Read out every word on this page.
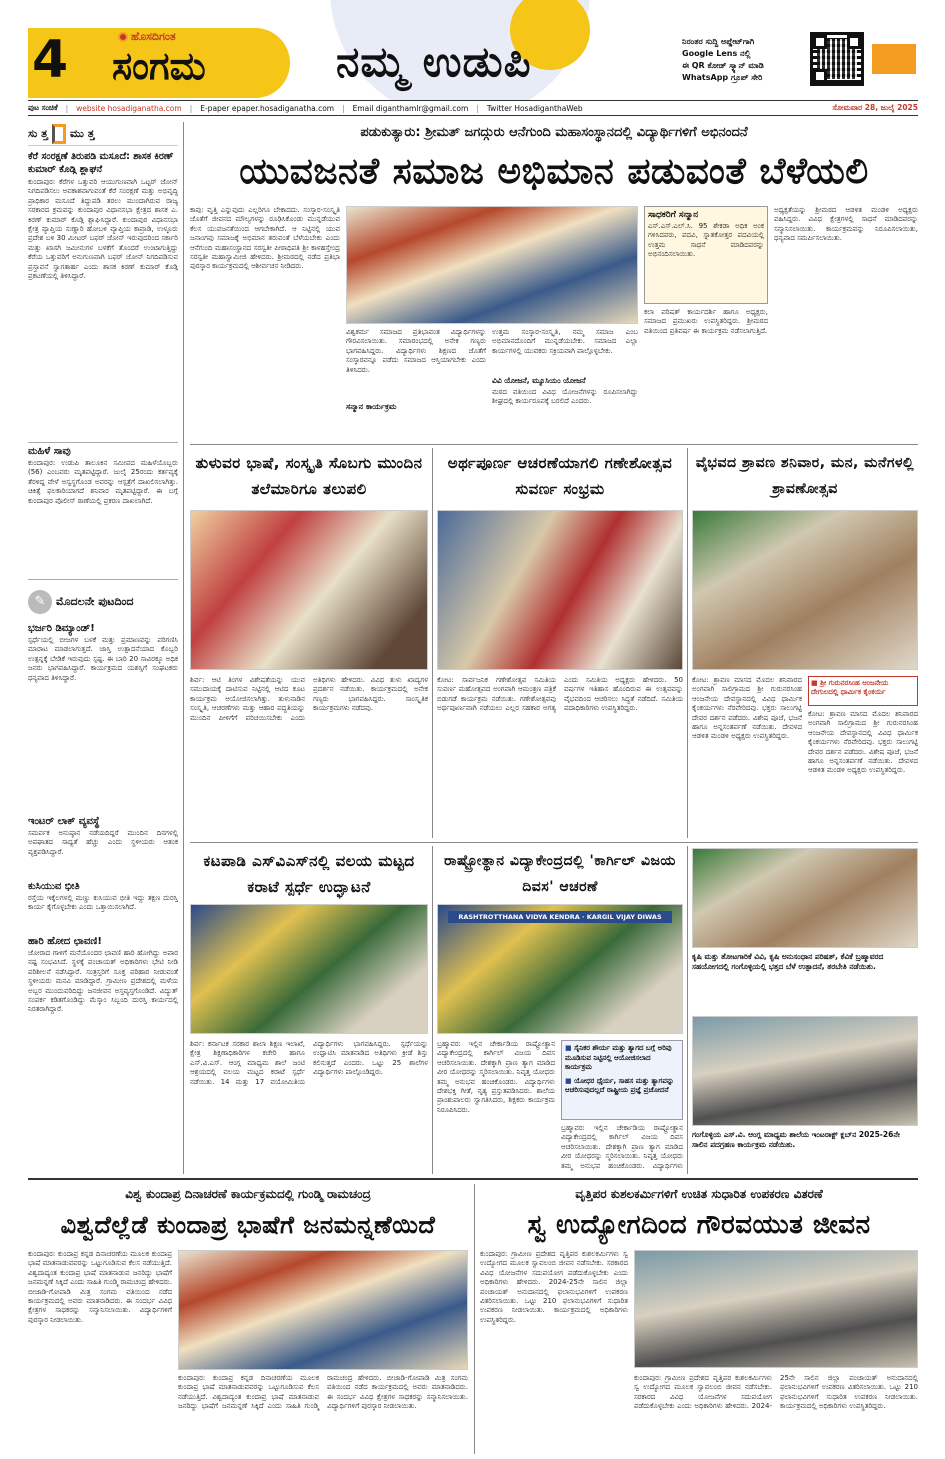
4	ಹೊಸದಿಗಂತ
ಸಂಗಮ	ನಮ್ಮ ಉಡುಪಿ	ನಿರಂತರ ಸುದ್ದಿ ಅಪ್ಡೇಟ್‌ಗಾಗಿ
Google Lens ನಲ್ಲಿ
ಈ QR ಕೋಡ್ ಸ್ಕ್ಯಾನ್ ಮಾಡಿ
WhatsApp ಗ್ರೂಪ್ ಸೇರಿ
ಪುಟ ಸಂಚಿಕೆ | website hosadiganatha.com | E-paper epaper.hosadiganatha.com | Email diganthamlr@gmail.com | Twitter HosadiganthaWeb	ಸೋಮವಾರ 28, ಜುಲೈ 2025
ಸು ತ್ತ ಮು ತ್ತ
ಕೆರೆ ಸಂರಕ್ಷಣೆ ತಿರುಪಡಿ ಮಸೂದೆ: ಶಾಸಕ ಕಿರಣ್ ಕುಮಾರ್ ಕೊಡ್ಗಿ ಶ್ಲಾಘನೆ
ಕುಂದಾಪುರ: ಕೆರೆಗಳ ಒತ್ತುವರಿ ಆಯುಗುಣವಾಗಿ ಒಟ್ಟರ್ ಜೋನ್ ನಿಗದಿಪಡಿಸಲು ಅವಕಾಶವಾಗುವಂತೆ ಕೆರೆ ಸಂರಕ್ಷಣೆ ಮತ್ತು ಅಭಿವೃದ್ಧಿ ಪ್ರಾಧಿಕಾರ ಮಸೂದೆ ತಿದ್ದುಪಡಿ ತರಲು ಮುಂದಾಗಿರುವ ರಾಜ್ಯ ಸರಕಾರದ ಕ್ರಮವನ್ನು ಕುಂದಾಪುರ ವಿಧಾನಸಭಾ ಕ್ಷೇತ್ರದ ಶಾಸಕ ಎ. ಕಿರಣ್ ಕುಮಾರ್ ಕೊಡ್ಗಿ ಶ್ಲಾಘಿಸಿದ್ದಾರೆ. ಕುಂದಾಪುರ ವಿಧಾನಸಭಾ ಕ್ಷೇತ್ರ ವ್ಯಾಪ್ತಿಯ ಸುಣ್ಣಾರಿ ಹೋಬಳಿ ವ್ಯಾಪ್ತಿಯ ಕಾವ್ರಾಡಿ, ಉಳ್ಳೂರು ಪ್ರದೇಶ ಬಳಿ 30 ಮೀಟರ್ ಬಫರ್ ಜೋನ್ ಇರುವುದರಿಂದ ಸರ್ಕಾರಿ ಮತ್ತು ಖಾಸಗಿ ಜಮೀನುಗಳ ಬಳಕೆಗೆ ತೊಂದರೆ ಉಂಟಾಗುತ್ತಿದ್ದು ಕೆರೆಯ ಒತ್ತುವರಿಗೆ ಅನುಗುಣವಾಗಿ ಬಫರ್ ಜೋನ್ ನಿಗದಿಪಡಿಸುವ ಪ್ರಸ್ತಾವನೆ ಸ್ವಾಗತಾರ್ಹ ಎಂದು ಶಾಸಕ ಕಿರಣ್ ಕುಮಾರ್ ಕೊಡ್ಗಿ ಪ್ರಕಟಣೆಯಲ್ಲಿ ತಿಳಿಸಿದ್ದಾರೆ.
ಮಹಿಳೆ ಸಾವು
ಕುಂದಾಪುರ: ಉಡುಪಿ ತಾಲೂಕಿನ ಸಮೀಪದ ಮಹಿಳೆಯೊಬ್ಬರು (56) ಎಂಬವರು ಮೃತಪಟ್ಟಿದ್ದಾರೆ. ಜುಲೈ 25ರಂದು ಕರ್ತವ್ಯಕ್ಕೆ ತೆರಳಿದ್ದ ವೇಳೆ ಅಸ್ವಸ್ಥಗೊಂಡ ಅವರನ್ನು ಆಸ್ಪತ್ರೆಗೆ ದಾಖಲಿಸಲಾಗಿತ್ತು. ಚಿಕಿತ್ಸೆ ಫಲಕಾರಿಯಾಗದೆ ಶನಿವಾರ ಮೃತಪಟ್ಟಿದ್ದಾರೆ. ಈ ಬಗ್ಗೆ ಕುಂದಾಪುರ ಪೊಲೀಸ್ ಠಾಣೆಯಲ್ಲಿ ಪ್ರಕರಣ ದಾಖಲಾಗಿದೆ.
✎ ಮೊದಲನೇ ಪುಟದಿಂದ
ಭರ್ಜರಿ ಡಿಮ್ಯಾಂಡ್!
ಸ್ಪರ್ಧೆಯಲ್ಲಿ ಬೀಜಗಳ ಬಳಕೆ ಮತ್ತು ಪ್ರಮಾಣವನ್ನು ಪರಿಗಣಿಸಿ ಮಾರಾಟ ಮಾಡಲಾಗುತ್ತದೆ. ಜಾಸ್ತಿ ಉತ್ಪಾದನೆಯಾದ ಕೊಬ್ಬರಿ ಉತ್ಪನ್ನಕ್ಕೆ ಬೇಡಿಕೆ ಇರುವುದು ಸ್ಪಷ್ಟ. ಈ ಬಾರಿ 20 ಸಾವಿರಕ್ಕೂ ಅಧಿಕ ಜನರು ಭಾಗವಹಿಸಿದ್ದಾರೆ. ಕಾರ್ಯಕ್ರಮದ ಯಶಸ್ಸಿಗೆ ಸಂಘಟಕರು ಧನ್ಯವಾದ ತಿಳಿಸಿದ್ದಾರೆ.
ಇಂಟರ್ ಲಾಕ್ ವ್ಯವಸ್ಥೆ
ಸಮರ್ಪಕ ಅನುಷ್ಠಾನ ನಡೆಯದಿದ್ದರೆ ಮುಂದಿನ ದಿನಗಳಲ್ಲಿ ಅಪಘಾತದ ಸಾಧ್ಯತೆ ಹೆಚ್ಚು ಎಂದು ಸ್ಥಳೀಯರು ಆತಂಕ ವ್ಯಕ್ತಪಡಿಸಿದ್ದಾರೆ.
ಕುಸಿಯುವ ಭೀತಿ
ರಸ್ತೆಯ ಇಕ್ಕೆಲಗಳಲ್ಲಿ ಮಣ್ಣು ಕುಸಿಯುವ ಭೀತಿ ಇದ್ದು ತಕ್ಷಣ ದುರಸ್ತಿ ಕಾರ್ಯ ಕೈಗೊಳ್ಳಬೇಕು ಎಂದು ಒತ್ತಾಯಿಸಲಾಗಿದೆ.
ಹಾರಿ ಹೋದ ಛಾವಣಿ!
ಜೋರಾದ ಗಾಳಿಗೆ ಮನೆಯೊಂದರ ಛಾವಣಿ ಹಾರಿ ಹೋಗಿದ್ದು ಅಪಾರ ನಷ್ಟ ಸಂಭವಿಸಿದೆ. ಸ್ಥಳಕ್ಕೆ ಪಂಚಾಯತ್ ಅಧಿಕಾರಿಗಳು ಭೇಟಿ ನೀಡಿ ಪರಿಶೀಲನೆ ನಡೆಸಿದ್ದಾರೆ. ಸಂತ್ರಸ್ತರಿಗೆ ಸೂಕ್ತ ಪರಿಹಾರ ನೀಡುವಂತೆ ಸ್ಥಳೀಯರು ಮನವಿ ಮಾಡಿದ್ದಾರೆ. ಗ್ರಾಮೀಣ ಪ್ರದೇಶದಲ್ಲಿ ಮಳೆಯ ಅಬ್ಬರ ಮುಂದುವರಿದಿದ್ದು ಜನಜೀವನ ಅಸ್ತವ್ಯಸ್ತಗೊಂಡಿದೆ. ವಿದ್ಯುತ್ ಸಂಪರ್ಕ ಕಡಿತಗೊಂಡಿದ್ದು ಮೆಸ್ಕಾಂ ಸಿಬ್ಬಂದಿ ದುರಸ್ತಿ ಕಾರ್ಯದಲ್ಲಿ ನಿರತರಾಗಿದ್ದಾರೆ.
ಪಡುಕುತ್ಯಾರು: ಶ್ರೀಮತ್ ಜಗದ್ಗುರು ಆನೆಗುಂದಿ ಮಹಾಸಂಸ್ಥಾನದಲ್ಲಿ ವಿದ್ಯಾರ್ಥಿಗಳಿಗೆ ಅಭಿನಂದನೆ
ಯುವಜನತೆ ಸಮಾಜ ಅಭಿಮಾನ ಪಡುವಂತೆ ಬೆಳೆಯಲಿ
ಕಾಪು: ವೃತ್ತಿ ಎನ್ನುವುದು ಎಲ್ಲರಿಗೂ ಬೇಕಾದದು. ಸಂಸ್ಕಾರ-ಸಂಸ್ಕೃತಿ ಜೊತೆಗೆ ಜೀವನದ ಮೌಲ್ಯಗಳನ್ನು ರೂಢಿಸಿಕೊಂಡು ಮುನ್ನಡೆಯುವ ಕೆಲಸ ಯುವಜನತೆಯಿಂದ ಆಗಬೇಕಾಗಿದೆ. ಆ ನಿಟ್ಟಿನಲ್ಲಿ ಯುವ ಜನಾಂಗವು ಸಮಾಜಕ್ಕೆ ಅಭಿಮಾನ ತರುವಂತೆ ಬೆಳೆಯಬೇಕು ಎಂದು ಆನೆಗುಂದಿ ಮಹಾಸಂಸ್ಥಾನದ ಸರಸ್ವತೀ ಪೀಠಾಧಿಪತಿ ಶ್ರೀ ಕಾಳಹಸ್ತೇಂದ್ರ ಸರಸ್ವತೀ ಮಹಾಸ್ವಾಮೀಜಿ ಹೇಳಿದರು. ಶ್ರೀಮಠದಲ್ಲಿ ನಡೆದ ಪ್ರತಿಭಾ ಪುರಸ್ಕಾರ ಕಾರ್ಯಕ್ರಮದಲ್ಲಿ ಆಶೀರ್ವಚನ ನೀಡಿದರು.
ವಿಶ್ವಕರ್ಮ ಸಮಾಜದ ಪ್ರತಿಭಾವಂತ ವಿದ್ಯಾರ್ಥಿಗಳನ್ನು ಗೌರವಿಸಲಾಯಿತು. ಸಮಾರಂಭದಲ್ಲಿ ಅನೇಕ ಗಣ್ಯರು ಭಾಗವಹಿಸಿದ್ದರು. ವಿದ್ಯಾರ್ಥಿಗಳು ಶಿಕ್ಷಣದ ಜೊತೆಗೆ ಸಂಸ್ಕಾರವನ್ನೂ ಪಡೆದು ಸಮಾಜದ ಆಸ್ತಿಯಾಗಬೇಕು ಎಂದು ತಿಳಿಸಿದರು.
ಸನ್ಮಾನ ಕಾರ್ಯಕ್ರಮ
ಉತ್ತಮ ಸಂಸ್ಕಾರ-ಸಂಸ್ಕೃತಿ, ನಮ್ಮ ಸಮಾಜ ಎಂಬ ಅಭಿಮಾನದೊಂದಿಗೆ ಮುನ್ನಡೆಯಬೇಕು. ಸಮಾಜದ ಎಲ್ಲಾ ಕಾರ್ಯಗಳಲ್ಲಿ ಯುವಕರು ಸಕ್ರಿಯವಾಗಿ ಪಾಲ್ಗೊಳ್ಳಬೇಕು.
ವಿವಿ ಯೋಜನೆ, ಮ್ಯೂಸಿಯಂ ಯೋಜನೆ
ಮಠದ ವತಿಯಿಂದ ವಿವಿಧ ಯೋಜನೆಗಳನ್ನು ರೂಪಿಸಲಾಗಿದ್ದು ಶೀಘ್ರದಲ್ಲಿ ಕಾರ್ಯರೂಪಕ್ಕೆ ಬರಲಿದೆ ಎಂದರು.
ಸಾಧಕರಿಗೆ ಸನ್ಮಾನ
ಎಸ್.ಎಸ್.ಎಲ್.ಸಿ. 95 ಶೇಕಡಾ ಅಧಿಕ ಅಂಕ ಗಳಿಸಿದವರು, ಪದವಿ, ಸ್ನಾತಕೋತ್ತರ ಪದವಿಯಲ್ಲಿ ಉತ್ತಮ ಸಾಧನೆ ಮಾಡಿದವರನ್ನು ಅಭಿನಂದಿಸಲಾಯಿತು.
ಕಲಾ ಪರಿಷತ್ ಕಾರ್ಯದರ್ಶಿ ಹಾಗೂ ಅಧ್ಯಕ್ಷರು, ಸಮಾಜದ ಪ್ರಮುಖರು ಉಪಸ್ಥಿತರಿದ್ದರು. ಶ್ರೀಮಠದ ವತಿಯಿಂದ ಪ್ರತಿವರ್ಷ ಈ ಕಾರ್ಯಕ್ರಮ ನಡೆಸಲಾಗುತ್ತಿದೆ.
ಅಧ್ಯಕ್ಷತೆಯನ್ನು ಶ್ರೀಮಠದ ಆಡಳಿತ ಮಂಡಳಿ ಅಧ್ಯಕ್ಷರು ವಹಿಸಿದ್ದರು. ವಿವಿಧ ಕ್ಷೇತ್ರಗಳಲ್ಲಿ ಸಾಧನೆ ಮಾಡಿದವರನ್ನು ಸನ್ಮಾನಿಸಲಾಯಿತು. ಕಾರ್ಯಕ್ರಮವನ್ನು ನಿರೂಪಿಸಲಾಯಿತು, ಧನ್ಯವಾದ ಸಮರ್ಪಿಸಲಾಯಿತು.
ತುಳುವರ ಭಾಷೆ, ಸಂಸ್ಕೃತಿ ಸೊಬಗು ಮುಂದಿನ ತಲೆಮಾರಿಗೂ ತಲುಪಲಿ
ಶಿರ್ವ: ಆಟಿ ತಿಂಗಳ ವಿಶೇಷತೆಯನ್ನು ಯುವ ಸಮುದಾಯಕ್ಕೆ ದಾಟಿಸುವ ನಿಟ್ಟಿನಲ್ಲಿ ಆಟಿದ ಕೂಟ ಕಾರ್ಯಕ್ರಮ ಆಯೋಜಿಸಲಾಗಿತ್ತು. ತುಳುನಾಡಿನ ಸಂಸ್ಕೃತಿ, ಆಚರಣೆಗಳು ಮತ್ತು ಆಹಾರ ಪದ್ಧತಿಯನ್ನು ಮುಂದಿನ ಪೀಳಿಗೆಗೆ ಪರಿಚಯಿಸಬೇಕು ಎಂದು ಅತಿಥಿಗಳು ಹೇಳಿದರು. ವಿವಿಧ ತುಳು ಖಾದ್ಯಗಳ ಪ್ರದರ್ಶನ ನಡೆಯಿತು. ಕಾರ್ಯಕ್ರಮದಲ್ಲಿ ಅನೇಕ ಗಣ್ಯರು ಭಾಗವಹಿಸಿದ್ದರು. ಸಾಂಸ್ಕೃತಿಕ ಕಾರ್ಯಕ್ರಮಗಳು ನಡೆದವು.
ಅರ್ಥಪೂರ್ಣ ಆಚರಣೆಯಾಗಲಿ ಗಣೇಶೋತ್ಸವ ಸುವರ್ಣ ಸಂಭ್ರಮ
ಕೋಟ: ಸಾರ್ವಜನಿಕ ಗಣೇಶೋತ್ಸವ ಸಮಿತಿಯ ಸುವರ್ಣ ಮಹೋತ್ಸವದ ಅಂಗವಾಗಿ ಆಮಂತ್ರಣ ಪತ್ರಿಕೆ ಬಿಡುಗಡೆ ಕಾರ್ಯಕ್ರಮ ನಡೆಯಿತು. ಗಣೇಶೋತ್ಸವವು ಅರ್ಥಪೂರ್ಣವಾಗಿ ನಡೆಯಲು ಎಲ್ಲರ ಸಹಕಾರ ಅಗತ್ಯ ಎಂದು ಸಮಿತಿಯ ಅಧ್ಯಕ್ಷರು ಹೇಳಿದರು. 50 ವರ್ಷಗಳ ಇತಿಹಾಸ ಹೊಂದಿರುವ ಈ ಉತ್ಸವವನ್ನು ವೈಭವದಿಂದ ಆಚರಿಸಲು ಸಿದ್ಧತೆ ನಡೆದಿದೆ. ಸಮಿತಿಯ ಪದಾಧಿಕಾರಿಗಳು ಉಪಸ್ಥಿತರಿದ್ದರು.
ವೈಭವದ ಶ್ರಾವಣ ಶನಿವಾರ, ಮನ, ಮನೆಗಳಲ್ಲಿ ಶ್ರಾವಣೋತ್ಸವ
ಕೋಟ: ಶ್ರಾವಣ ಮಾಸದ ಮೊದಲ ಶನಿವಾರದ ಅಂಗವಾಗಿ ಸಾಲಿಗ್ರಾಮದ ಶ್ರೀ ಗುರುನರಸಿಂಹ ಆಂಜನೇಯ ದೇವಸ್ಥಾನದಲ್ಲಿ ವಿವಿಧ ಧಾರ್ಮಿಕ ಕೈಂಕರ್ಯಗಳು ನೆರವೇರಿದವು. ಭಕ್ತರು ಸಾಲುಗಟ್ಟಿ ದೇವರ ದರ್ಶನ ಪಡೆದರು. ವಿಶೇಷ ಪೂಜೆ, ಭಜನೆ ಹಾಗೂ ಅನ್ನಸಂತರ್ಪಣೆ ನಡೆಯಿತು. ದೇವಳದ ಆಡಳಿತ ಮಂಡಳಿ ಅಧ್ಯಕ್ಷರು ಉಪಸ್ಥಿತರಿದ್ದರು.
■ ಶ್ರೀ ಗುರುನರಸಿಂಹ ಆಂಜನೇಯ ದೇಗುಲದಲ್ಲಿ ಧಾರ್ಮಿಕ ಕೈಂಕರ್ಯ
ಕೋಟ: ಶ್ರಾವಣ ಮಾಸದ ಮೊದಲ ಶನಿವಾರದ ಅಂಗವಾಗಿ ಸಾಲಿಗ್ರಾಮದ ಶ್ರೀ ಗುರುನರಸಿಂಹ ಆಂಜನೇಯ ದೇವಸ್ಥಾನದಲ್ಲಿ ವಿವಿಧ ಧಾರ್ಮಿಕ ಕೈಂಕರ್ಯಗಳು ನೆರವೇರಿದವು. ಭಕ್ತರು ಸಾಲುಗಟ್ಟಿ ದೇವರ ದರ್ಶನ ಪಡೆದರು. ವಿಶೇಷ ಪೂಜೆ, ಭಜನೆ ಹಾಗೂ ಅನ್ನಸಂತರ್ಪಣೆ ನಡೆಯಿತು. ದೇವಳದ ಆಡಳಿತ ಮಂಡಳಿ ಅಧ್ಯಕ್ಷರು ಉಪಸ್ಥಿತರಿದ್ದರು.
ಕಟಪಾಡಿ ಎಸ್‌ವಿಎಸ್‌ನಲ್ಲಿ ವಲಯ ಮಟ್ಟದ ಕರಾಟೆ ಸ್ಪರ್ಧೆ ಉದ್ಘಾಟನೆ
ಶಿರ್ವ: ಕರ್ನಾಟಕ ಸರಕಾರ ಶಾಲಾ ಶಿಕ್ಷಣ ಇಲಾಖೆ, ಕ್ಷೇತ್ರ ಶಿಕ್ಷಣಾಧಿಕಾರಿಗಳ ಕಚೇರಿ ಹಾಗೂ ಎಸ್.ವಿ.ಎಸ್. ಆಂಗ್ಲ ಮಾಧ್ಯಮ ಶಾಲೆ ಜಂಟಿ ಆಶ್ರಯದಲ್ಲಿ ವಲಯ ಮಟ್ಟದ ಕರಾಟೆ ಸ್ಪರ್ಧೆ ನಡೆಯಿತು. 14 ಮತ್ತು 17 ವಯೋಮಿತಿಯ ವಿದ್ಯಾರ್ಥಿಗಳು ಭಾಗವಹಿಸಿದ್ದರು. ಸ್ಪರ್ಧೆಯನ್ನು ಉದ್ಘಾಟಿಸಿ ಮಾತನಾಡಿದ ಅತಿಥಿಗಳು ಕ್ರೀಡೆ ಶಿಸ್ತು ಕಲಿಸುತ್ತದೆ ಎಂದರು. ಒಟ್ಟು 25 ಶಾಲೆಗಳ ವಿದ್ಯಾರ್ಥಿಗಳು ಪಾಲ್ಗೊಂಡಿದ್ದರು.
ರಾಷ್ಟ್ರೋತ್ಥಾನ ವಿದ್ಯಾಕೇಂದ್ರದಲ್ಲಿ 'ಕಾರ್ಗಿಲ್ ವಿಜಯ ದಿವಸ' ಆಚರಣೆ
RASHTROTTHANA VIDYA KENDRA · KARGIL VIJAY DIWAS
ಬ್ರಹ್ಮಾವರ: ಇಲ್ಲಿನ ಚೇರ್ಕಾಡಿಯ ರಾಷ್ಟ್ರೋತ್ಥಾನ ವಿದ್ಯಾಕೇಂದ್ರದಲ್ಲಿ ಕಾರ್ಗಿಲ್ ವಿಜಯ ದಿವಸ ಆಚರಿಸಲಾಯಿತು. ದೇಶಕ್ಕಾಗಿ ಪ್ರಾಣ ತ್ಯಾಗ ಮಾಡಿದ ವೀರ ಯೋಧರನ್ನು ಸ್ಮರಿಸಲಾಯಿತು. ನಿವೃತ್ತ ಯೋಧರು ತಮ್ಮ ಅನುಭವ ಹಂಚಿಕೊಂಡರು. ವಿದ್ಯಾರ್ಥಿಗಳು ದೇಶಭಕ್ತಿ ಗೀತೆ, ನೃತ್ಯ ಪ್ರಸ್ತುತಪಡಿಸಿದರು. ಶಾಲೆಯ ಪ್ರಾಂಶುಪಾಲರು ಸ್ವಾಗತಿಸಿದರು, ಶಿಕ್ಷಕರು ಕಾರ್ಯಕ್ರಮ ನಿರೂಪಿಸಿದರು.
■ ಸೈನಿಕರ ಶೌರ್ಯ ಮತ್ತು ತ್ಯಾಗದ ಬಗ್ಗೆ ಅರಿವು ಮೂಡಿಸುವ ನಿಟ್ಟಿನಲ್ಲಿ ಆಯೋಜಿಸಲಾದ ಕಾರ್ಯಕ್ರಮ
■ ಯೋಧರ ಧೈರ್ಯ, ಸಾಹಸ ಮತ್ತು ತ್ಯಾಗವನ್ನು ಆಚರಿಸುವುದಲ್ಲದೆ ರಾಷ್ಟ್ರೀಯ ಪ್ರಜ್ಞೆ ಪ್ರಚೋದನೆ
ಬ್ರಹ್ಮಾವರ: ಇಲ್ಲಿನ ಚೇರ್ಕಾಡಿಯ ರಾಷ್ಟ್ರೋತ್ಥಾನ ವಿದ್ಯಾಕೇಂದ್ರದಲ್ಲಿ ಕಾರ್ಗಿಲ್ ವಿಜಯ ದಿವಸ ಆಚರಿಸಲಾಯಿತು. ದೇಶಕ್ಕಾಗಿ ಪ್ರಾಣ ತ್ಯಾಗ ಮಾಡಿದ ವೀರ ಯೋಧರನ್ನು ಸ್ಮರಿಸಲಾಯಿತು. ನಿವೃತ್ತ ಯೋಧರು ತಮ್ಮ ಅನುಭವ ಹಂಚಿಕೊಂಡರು. ವಿದ್ಯಾರ್ಥಿಗಳು
ಕೃಷಿ ಮತ್ತು ತೋಟಗಾರಿಕೆ ವಿವಿ, ಕೃಷಿ ಅನುಸಂಧಾನ ಪರಿಷತ್, ಕೆವಿಕೆ ಬ್ರಹ್ಮಾವರದ ಸಹಯೋಗದಲ್ಲಿ ಗಂಗೊಳ್ಳಿಯಲ್ಲಿ ಭತ್ತದ ಬೆಳೆ ಉತ್ಪಾದನೆ, ತರಬೇತಿ ನಡೆಯಿತು.
ಗಂಗೊಳ್ಳಿಯ ಎಸ್.ವಿ. ಆಂಗ್ಲ ಮಾಧ್ಯಮ ಶಾಲೆಯ ಇಂಟರಾಕ್ಟ್ ಕ್ಲಬ್‌ನ 2025-26ನೇ ಸಾಲಿನ ಪದಗ್ರಹಣ ಕಾರ್ಯಕ್ರಮ ನಡೆಯಿತು.
ವಿಶ್ವ ಕುಂದಾಪ್ರ ದಿನಾಚರಣೆ ಕಾರ್ಯಕ್ರಮದಲ್ಲಿ ಗುಂಡ್ಮಿ ರಾಮಚಂದ್ರ
ವಿಶ್ವದೆಲ್ಲೆಡೆ ಕುಂದಾಪ್ರ ಭಾಷೆಗೆ ಜನಮನ್ನಣೆಯಿದೆ
ಕುಂದಾಪುರ: ಕುಂದಾಪ್ರ ಕನ್ನಡ ದಿನಾಚರಣೆಯ ಮೂಲಕ ಕುಂದಾಪ್ರ ಭಾಷೆ ಮಾತನಾಡುವವರನ್ನು ಒಟ್ಟುಗೂಡಿಸುವ ಕೆಲಸ ನಡೆಯುತ್ತಿದೆ. ವಿಶ್ವದಾದ್ಯಂತ ಕುಂದಾಪ್ರ ಭಾಷೆ ಮಾತನಾಡುವ ಜನರಿದ್ದು ಭಾಷೆಗೆ ಜನಮನ್ನಣೆ ಸಿಕ್ಕಿದೆ ಎಂದು ಸಾಹಿತಿ ಗುಂಡ್ಮಿ ರಾಮಚಂದ್ರ ಹೇಳಿದರು. ಬೀಜಾಡಿ-ಗೋಪಾಡಿ ಮಿತ್ರ ಸಂಗಮ ವತಿಯಿಂದ ನಡೆದ ಕಾರ್ಯಕ್ರಮದಲ್ಲಿ ಅವರು ಮಾತನಾಡಿದರು. ಈ ಸಂದರ್ಭ ವಿವಿಧ ಕ್ಷೇತ್ರಗಳ ಸಾಧಕರನ್ನು ಸನ್ಮಾನಿಸಲಾಯಿತು. ವಿದ್ಯಾರ್ಥಿಗಳಿಗೆ ಪುರಸ್ಕಾರ ನೀಡಲಾಯಿತು.
ಕುಂದಾಪುರ: ಕುಂದಾಪ್ರ ಕನ್ನಡ ದಿನಾಚರಣೆಯ ಮೂಲಕ ಕುಂದಾಪ್ರ ಭಾಷೆ ಮಾತನಾಡುವವರನ್ನು ಒಟ್ಟುಗೂಡಿಸುವ ಕೆಲಸ ನಡೆಯುತ್ತಿದೆ. ವಿಶ್ವದಾದ್ಯಂತ ಕುಂದಾಪ್ರ ಭಾಷೆ ಮಾತನಾಡುವ ಜನರಿದ್ದು ಭಾಷೆಗೆ ಜನಮನ್ನಣೆ ಸಿಕ್ಕಿದೆ ಎಂದು ಸಾಹಿತಿ ಗುಂಡ್ಮಿ ರಾಮಚಂದ್ರ ಹೇಳಿದರು. ಬೀಜಾಡಿ-ಗೋಪಾಡಿ ಮಿತ್ರ ಸಂಗಮ ವತಿಯಿಂದ ನಡೆದ ಕಾರ್ಯಕ್ರಮದಲ್ಲಿ ಅವರು ಮಾತನಾಡಿದರು. ಈ ಸಂದರ್ಭ ವಿವಿಧ ಕ್ಷೇತ್ರಗಳ ಸಾಧಕರನ್ನು ಸನ್ಮಾನಿಸಲಾಯಿತು. ವಿದ್ಯಾರ್ಥಿಗಳಿಗೆ ಪುರಸ್ಕಾರ ನೀಡಲಾಯಿತು.
ವೃತ್ತಿಪರ ಕುಶಲಕರ್ಮಿಗಳಿಗೆ ಉಚಿತ ಸುಧಾರಿತ ಉಪಕರಣ ವಿತರಣೆ
ಸ್ವ ಉದ್ಯೋಗದಿಂದ ಗೌರವಯುತ ಜೀವನ
ಕುಂದಾಪುರ: ಗ್ರಾಮೀಣ ಪ್ರದೇಶದ ವೃತ್ತಿಪರ ಕುಶಲಕರ್ಮಿಗಳು ಸ್ವ ಉದ್ಯೋಗದ ಮೂಲಕ ಸ್ವಾವಲಂಬಿ ಜೀವನ ನಡೆಸಬೇಕು. ಸರಕಾರದ ವಿವಿಧ ಯೋಜನೆಗಳ ಸದುಪಯೋಗ ಪಡೆದುಕೊಳ್ಳಬೇಕು ಎಂದು ಅಧಿಕಾರಿಗಳು ಹೇಳಿದರು. 2024-25ನೇ ಸಾಲಿನ ಜಿಲ್ಲಾ ಪಂಚಾಯತ್ ಅನುದಾನದಲ್ಲಿ ಫಲಾನುಭವಿಗಳಿಗೆ ಉಪಕರಣ ವಿತರಿಸಲಾಯಿತು. ಒಟ್ಟು 210 ಫಲಾನುಭವಿಗಳಿಗೆ ಸುಧಾರಿತ ಉಪಕರಣ ನೀಡಲಾಯಿತು. ಕಾರ್ಯಕ್ರಮದಲ್ಲಿ ಅಧಿಕಾರಿಗಳು ಉಪಸ್ಥಿತರಿದ್ದರು.
ಕುಂದಾಪುರ: ಗ್ರಾಮೀಣ ಪ್ರದೇಶದ ವೃತ್ತಿಪರ ಕುಶಲಕರ್ಮಿಗಳು ಸ್ವ ಉದ್ಯೋಗದ ಮೂಲಕ ಸ್ವಾವಲಂಬಿ ಜೀವನ ನಡೆಸಬೇಕು. ಸರಕಾರದ ವಿವಿಧ ಯೋಜನೆಗಳ ಸದುಪಯೋಗ ಪಡೆದುಕೊಳ್ಳಬೇಕು ಎಂದು ಅಧಿಕಾರಿಗಳು ಹೇಳಿದರು. 2024-25ನೇ ಸಾಲಿನ ಜಿಲ್ಲಾ ಪಂಚಾಯತ್ ಅನುದಾನದಲ್ಲಿ ಫಲಾನುಭವಿಗಳಿಗೆ ಉಪಕರಣ ವಿತರಿಸಲಾಯಿತು. ಒಟ್ಟು 210 ಫಲಾನುಭವಿಗಳಿಗೆ ಸುಧಾರಿತ ಉಪಕರಣ ನೀಡಲಾಯಿತು. ಕಾರ್ಯಕ್ರಮದಲ್ಲಿ ಅಧಿಕಾರಿಗಳು ಉಪಸ್ಥಿತರಿದ್ದರು.
